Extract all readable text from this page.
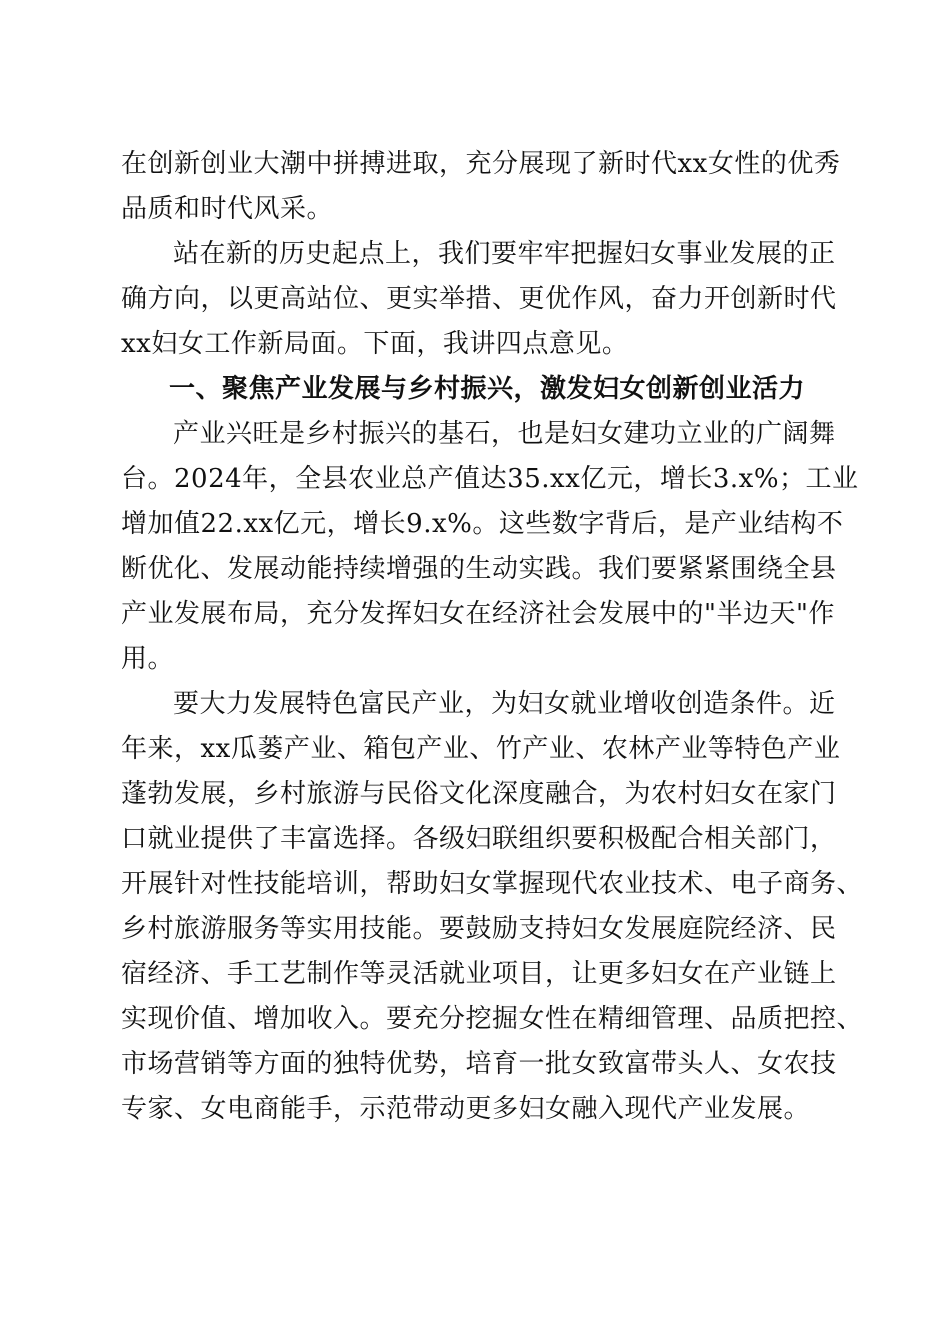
在创新创业大潮中拼搏进取，充分展现了新时代xx女性的优秀
品质和时代风采。
站在新的历史起点上，我们要牢牢把握妇女事业发展的正
确方向，以更高站位、更实举措、更优作风，奋力开创新时代
xx妇女工作新局面。下面，我讲四点意见。
一、聚焦产业发展与乡村振兴，激发妇女创新创业活力
产业兴旺是乡村振兴的基石，也是妇女建功立业的广阔舞
台。2024年，全县农业总产值达35.xx亿元，增长3.x%；工业
增加值22.xx亿元，增长9.x%。这些数字背后，是产业结构不
断优化、发展动能持续增强的生动实践。我们要紧紧围绕全县
产业发展布局，充分发挥妇女在经济社会发展中的"半边天"作
用。
要大力发展特色富民产业，为妇女就业增收创造条件。近
年来，xx瓜蒌产业、箱包产业、竹产业、农林产业等特色产业
蓬勃发展，乡村旅游与民俗文化深度融合，为农村妇女在家门
口就业提供了丰富选择。各级妇联组织要积极配合相关部门，
开展针对性技能培训，帮助妇女掌握现代农业技术、电子商务、
乡村旅游服务等实用技能。要鼓励支持妇女发展庭院经济、民
宿经济、手工艺制作等灵活就业项目，让更多妇女在产业链上
实现价值、增加收入。要充分挖掘女性在精细管理、品质把控、
市场营销等方面的独特优势，培育一批女致富带头人、女农技
专家、女电商能手，示范带动更多妇女融入现代产业发展。
